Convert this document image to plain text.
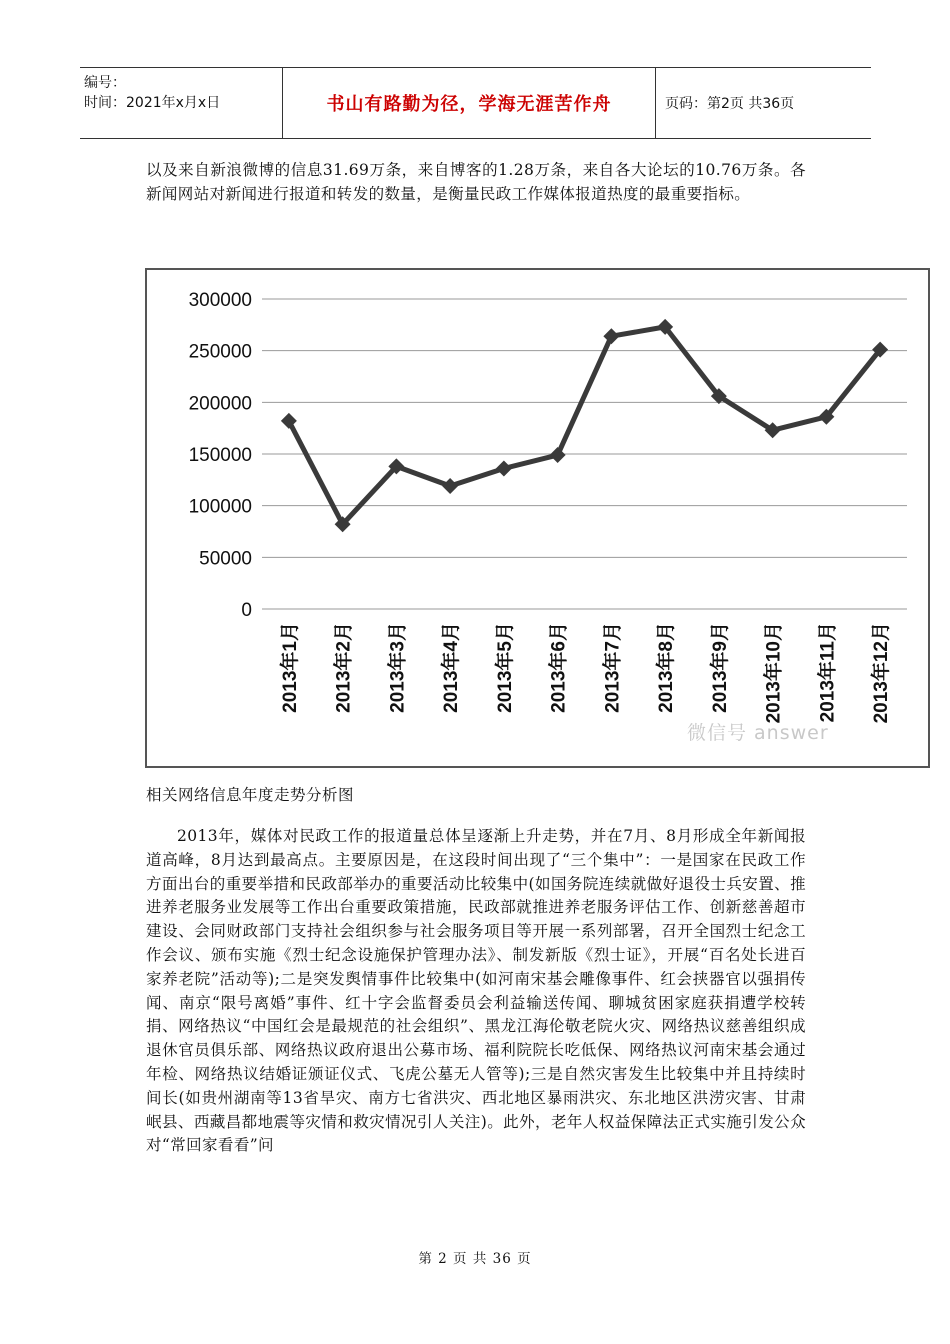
编号：
时间：2021年x月x日	书山有路勤为径，学海无涯苦作舟	页码：第2页 共36页
以及来自新浪微博的信息31.69万条，来自博客的1.28万条，来自各大论坛的10.76万条。各新闻网站对新闻进行报道和转发的数量，是衡量民政工作媒体报道热度的最重要指标。
300000
250000
200000
150000
100000
50000
0
2013年1月 2013年2月 2013年3月 2013年4月 2013年5月 2013年6月 2013年7月 2013年8月 2013年9月 2013年10月 2013年11月 2013年12月
微信号 answer
相关网络信息年度走势分析图
2013年，媒体对民政工作的报道量总体呈逐渐上升走势，并在7月、8月形成全年新闻报道高峰，8月达到最高点。主要原因是，在这段时间出现了“三个集中”：一是国家在民政工作方面出台的重要举措和民政部举办的重要活动比较集中(如国务院连续就做好退役士兵安置、推进养老服务业发展等工作出台重要政策措施，民政部就推进养老服务评估工作、创新慈善超市建设、会同财政部门支持社会组织参与社会服务项目等开展一系列部署，召开全国烈士纪念工作会议、颁布实施《烈士纪念设施保护管理办法》、制发新版《烈士证》，开展“百名处长进百家养老院”活动等);二是突发舆情事件比较集中(如河南宋基会雕像事件、红会挟器官以强捐传闻、南京“限号离婚”事件、红十字会监督委员会利益输送传闻、聊城贫困家庭获捐遭学校转捐、网络热议“中国红会是最规范的社会组织”、黑龙江海伦敬老院火灾、网络热议慈善组织成退休官员俱乐部、网络热议政府退出公募市场、福利院院长吃低保、网络热议河南宋基会通过年检、网络热议结婚证颁证仪式、飞虎公墓无人管等);三是自然灾害发生比较集中并且持续时间长(如贵州湖南等13省旱灾、南方七省洪灾、西北地区暴雨洪灾、东北地区洪涝灾害、甘肃岷县、西藏昌都地震等灾情和救灾情况引人关注)。此外，老年人权益保障法正式实施引发公众对“常回家看看”问
第 2 页 共 36 页
